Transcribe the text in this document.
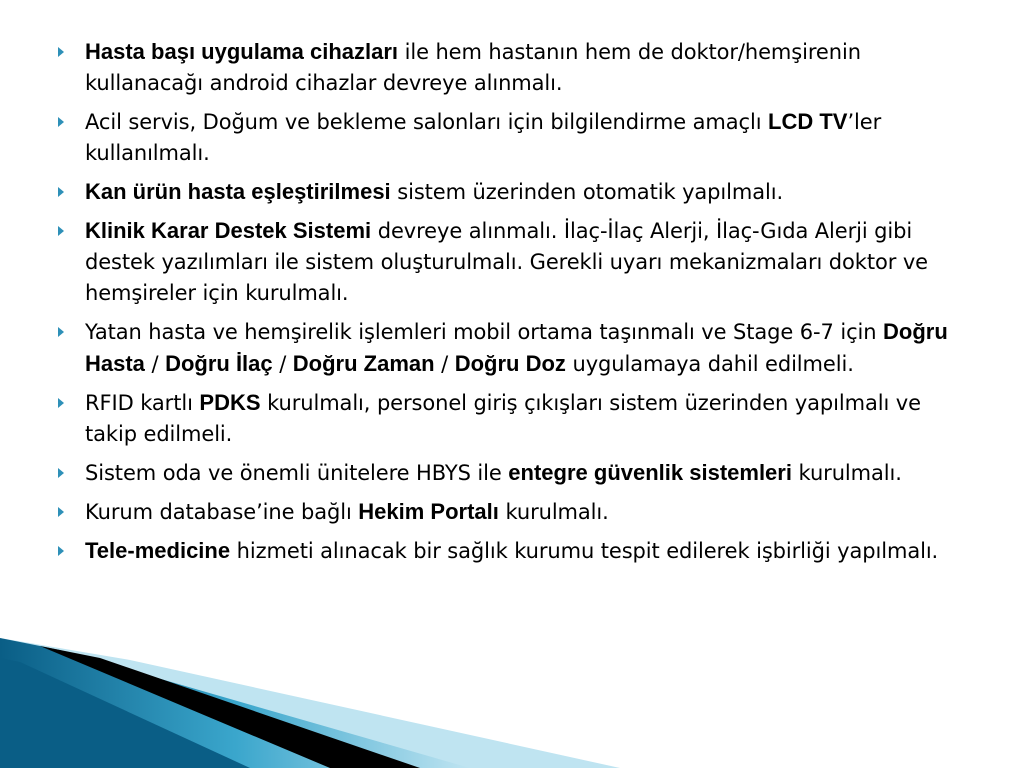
Hasta başı uygulama cihazları ile hem hastanın hem de doktor/hemşirenin kullanacağı android cihazlar devreye alınmalı.
Acil servis, Doğum ve bekleme salonları için bilgilendirme amaçlı LCD TV’ler kullanılmalı.
Kan ürün hasta eşleştirilmesi sistem üzerinden otomatik yapılmalı.
Klinik Karar Destek Sistemi devreye alınmalı. İlaç-İlaç Alerji, İlaç-Gıda Alerji gibi destek yazılımları ile sistem oluşturulmalı. Gerekli uyarı mekanizmaları doktor ve hemşireler için kurulmalı.
Yatan hasta ve hemşirelik işlemleri mobil ortama taşınmalı ve Stage 6-7 için Doğru Hasta / Doğru İlaç / Doğru Zaman / Doğru Doz uygulamaya dahil edilmeli.
RFID kartlı PDKS kurulmalı, personel giriş çıkışları sistem üzerinden yapılmalı ve takip edilmeli.
Sistem oda ve önemli ünitelere HBYS ile entegre güvenlik sistemleri kurulmalı.
Kurum database’ine bağlı Hekim Portalı kurulmalı.
Tele-medicine hizmeti alınacak bir sağlık kurumu tespit edilerek işbirliği yapılmalı.
